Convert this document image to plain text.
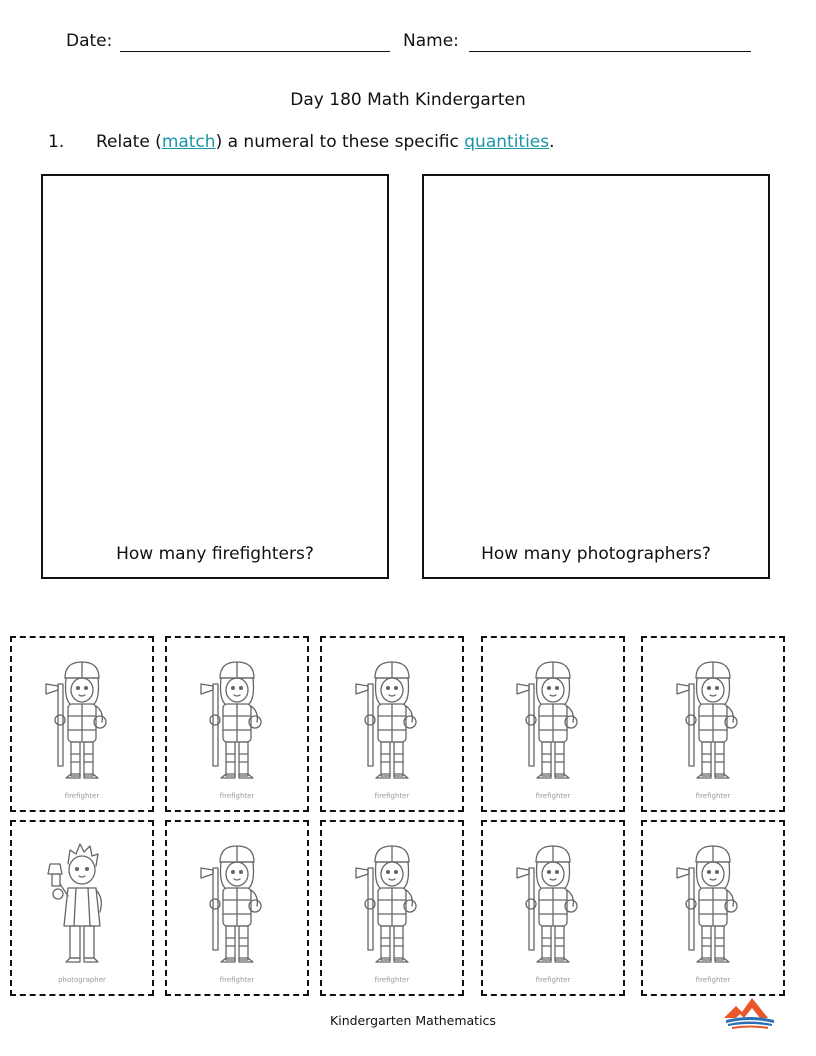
Date:	Name:
Day 180 Math Kindergarten
1. Relate (match) a numeral to these specific quantities.
How many firefighters?	How many photographers?
firefighter	firefighter	firefighter	firefighter	firefighter
photographer	firefighter	firefighter	firefighter	firefighter
Kindergarten Mathematics
